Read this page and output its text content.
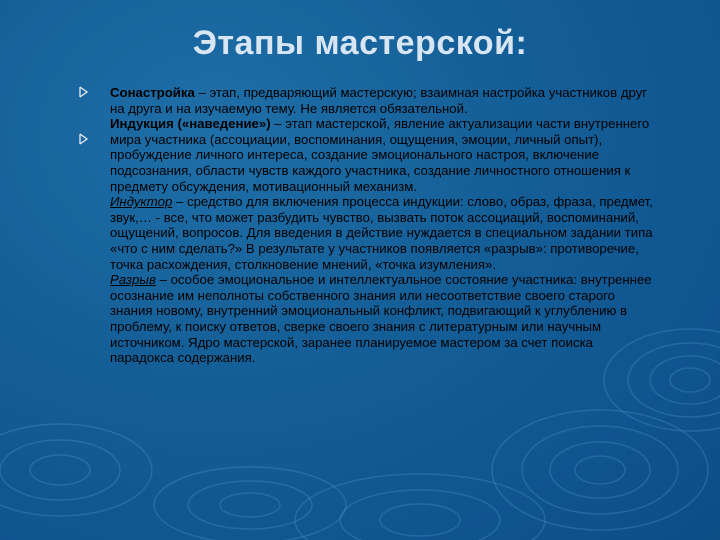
Этапы мастерской:

Сонастройка – этап, предваряющий мастерскую; взаимная настройка участников друг на друга и на изучаемую тему. Не является обязательной.

Индукция («наведение») – этап мастерской, явление актуализации части внутреннего мира участника (ассоциации, воспоминания, ощущения, эмоции, личный опыт), пробуждение личного интереса, создание эмоционального настроя, включение подсознания, области чувств каждого участника, создание личностного отношения к предмету обсуждения, мотивационный механизм.

Индуктор – средство для включения процесса индукции: слово, образ, фраза, предмет, звук,… - все, что может разбудить чувство, вызвать поток ассоциаций, воспоминаний, ощущений, вопросов. Для введения в действие нуждается в специальном задании типа «что с ним сделать?» В результате у участников появляется «разрыв»: противоречие, точка расхождения, столкновение мнений, «точка изумления».

Разрыв – особое эмоциональное и интеллектуальное состояние участника: внутреннее осознание им неполноты собственного знания или несоответствие своего старого знания новому, внутренний эмоциональный конфликт, подвигающий к углублению в проблему, к поиску ответов, сверке своего знания с литературным или научным источником. Ядро мастерской, заранее планируемое мастером за счет поиска парадокса содержания.
